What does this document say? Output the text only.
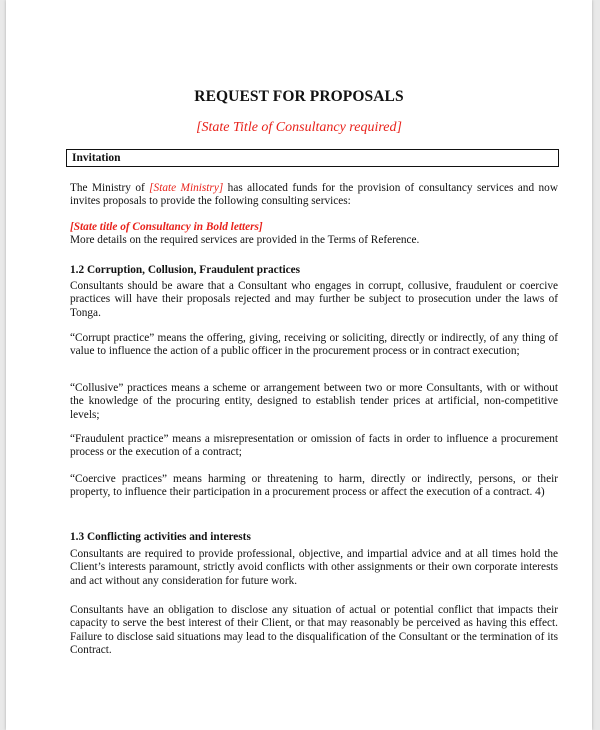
REQUEST FOR PROPOSALS
[State Title of Consultancy required]
Invitation
The Ministry of [State Ministry] has allocated funds for the provision of consultancy services and now invites proposals to provide the following consulting services:
[State title of Consultancy in Bold letters]
More details on the required services are provided in the Terms of Reference.
1.2 Corruption, Collusion, Fraudulent practices
Consultants should be aware that a Consultant who engages in corrupt, collusive, fraudulent or coercive practices will have their proposals rejected and may further be subject to prosecution under the laws of Tonga.
“Corrupt practice” means the offering, giving, receiving or soliciting, directly or indirectly, of any thing of value to influence the action of a public officer in the procurement process or in contract execution;
“Collusive” practices means a scheme or arrangement between two or more Consultants, with or without the knowledge of the procuring entity, designed to establish tender prices at artificial, non-competitive levels;
“Fraudulent practice” means a misrepresentation or omission of facts in order to influence a procurement process or the execution of a contract;
“Coercive practices” means harming or threatening to harm, directly or indirectly, persons, or their property, to influence their participation in a procurement process or affect the execution of a contract. 4)
1.3 Conflicting activities and interests
Consultants are required to provide professional, objective, and impartial advice and at all times hold the Client’s interests paramount, strictly avoid conflicts with other assignments or their own corporate interests and act without any consideration for future work.
Consultants have an obligation to disclose any situation of actual or potential conflict that impacts their capacity to serve the best interest of their Client, or that may reasonably be perceived as having this effect. Failure to disclose said situations may lead to the disqualification of the Consultant or the termination of its Contract.
